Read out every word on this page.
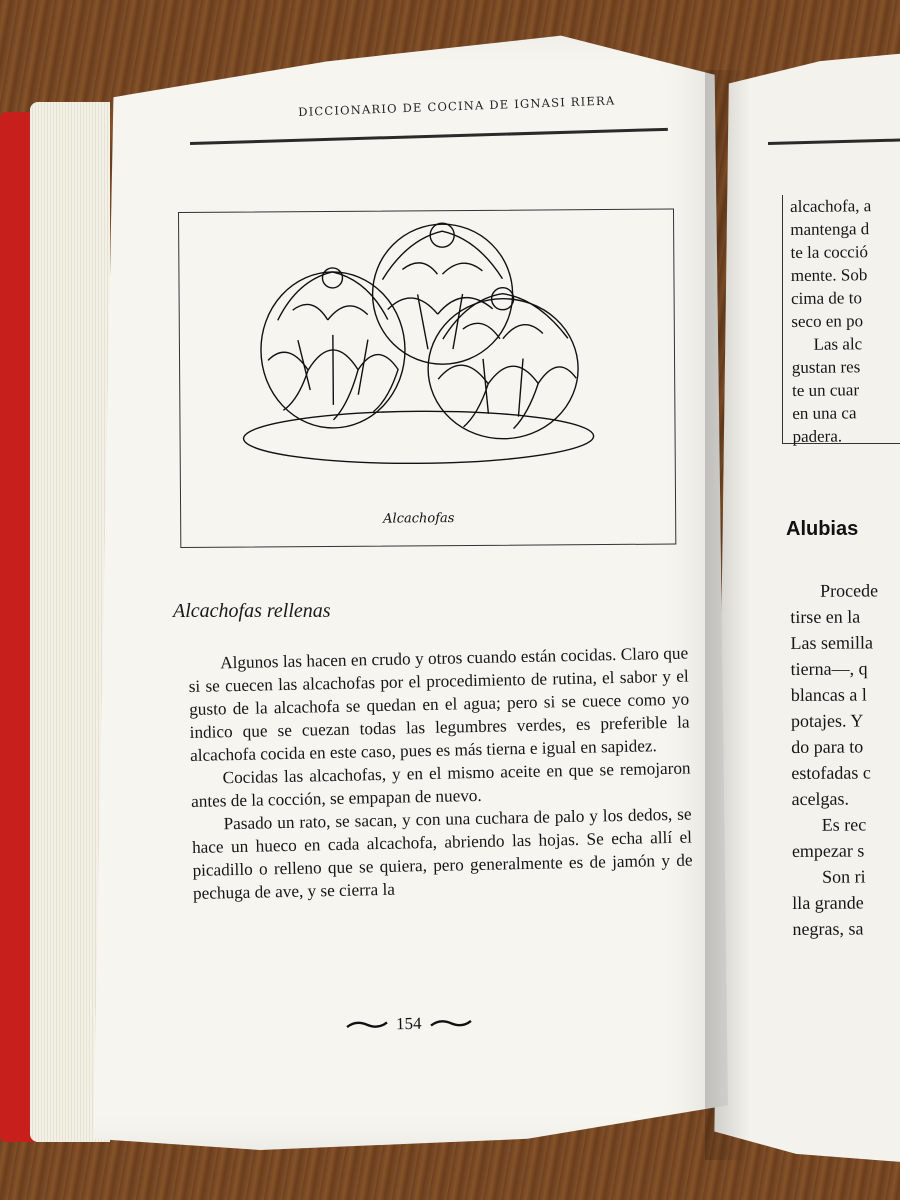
DICCIONARIO DE COCINA DE IGNASI RIERA
Alcachofas
Alcachofas rellenas

Algunos las hacen en crudo y otros cuando están cocidas. Claro que si se cuecen las alcachofas por el procedimiento de rutina, el sabor y el gusto de la alcachofa se quedan en el agua; pero si se cuece como yo indico que se cuezan todas las legumbres verdes, es preferible la alcachofa cocida en este caso, pues es más tierna e igual en sapidez.

Cocidas las alcachofas, y en el mismo aceite en que se remojaron antes de la cocción, se empapan de nuevo.

Pasado un rato, se sacan, y con una cuchara de palo y los dedos, se hace un hueco en cada alcachofa, abriendo las hojas. Se echa allí el picadillo o relleno que se quiera, pero generalmente es de jamón y de pechuga de ave, y se cierra la

154
alcachofa, a
mantenga d
te la cocció
mente. Sob
cima de to
seco en po
Las alc
gustan res
te un cuar
en una ca
padera.
Alubias
Procede
tirse en la
Las semilla
tierna—, q
blancas a l
potajes. Y
do para to
estofadas c
acelgas.
Es rec
empezar s
Son ri
lla grande
negras, sa
